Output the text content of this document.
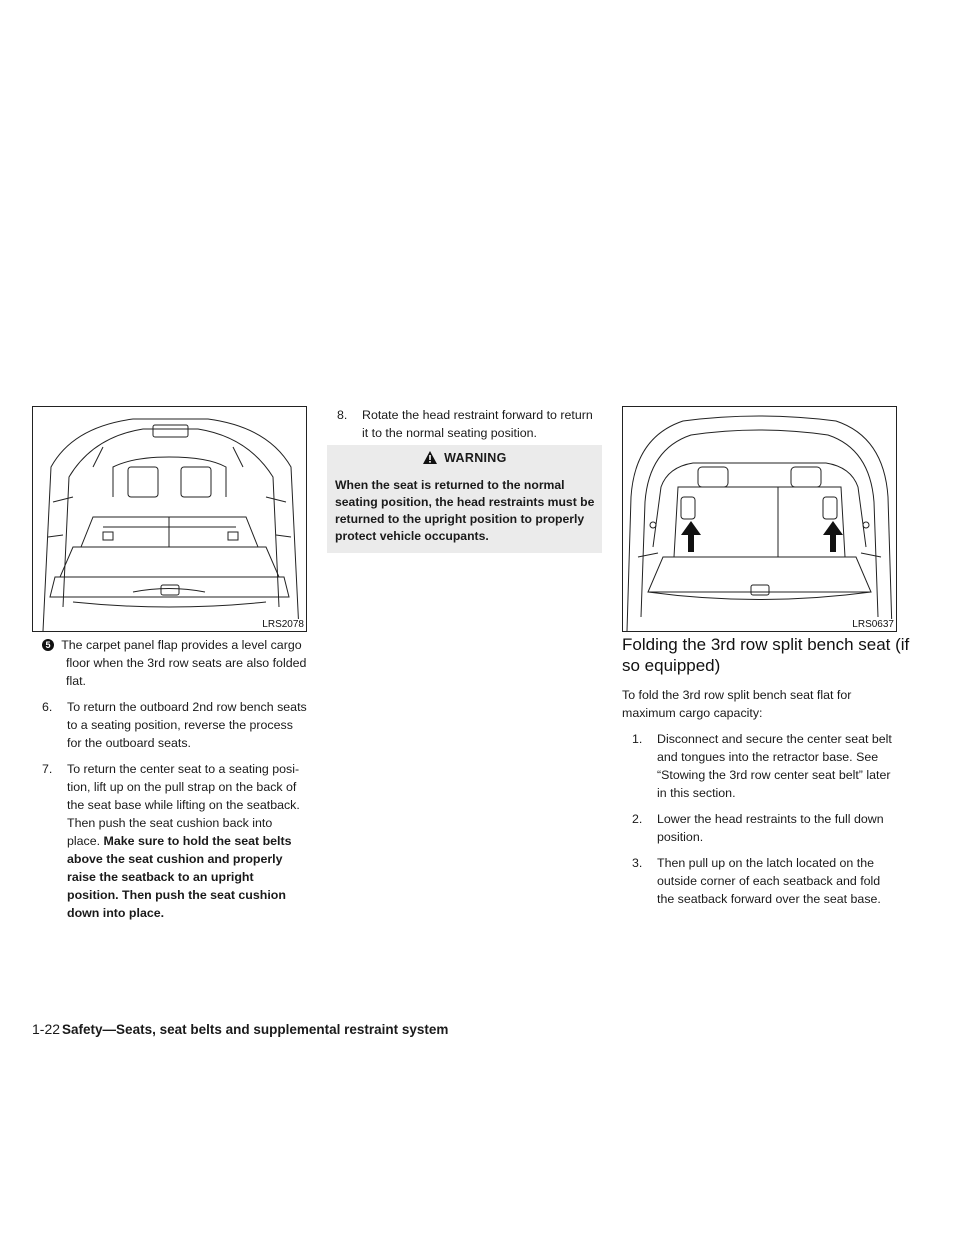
LRS2078
5 The carpet panel flap provides a level cargo floor when the 3rd row seats are also folded flat.
6. To return the outboard 2nd row bench seats to a seating position, reverse the process for the outboard seats.
7. To return the center seat to a seating posi- tion, lift up on the pull strap on the back of the seat base while lifting on the seatback. Then push the seat cushion back into place. Make sure to hold the seat belts above the seat cushion and properly raise the seatback to an upright position. Then push the seat cushion down into place.
8. Rotate the head restraint forward to return it to the normal seating position.
WARNING
When the seat is returned to the normal seating position, the head restraints must be returned to the upright position to properly protect vehicle occupants.
LRS0637
Folding the 3rd row split bench seat (if so equipped)

To fold the 3rd row split bench seat flat for maximum cargo capacity:

1. Disconnect and secure the center seat belt and tongues into the retractor base. See “Stowing the 3rd row center seat belt” later in this section.
2. Lower the head restraints to the full down position.
3. Then pull up on the latch located on the outside corner of each seatback and fold the seatback forward over the seat base.
1-22 Safety—Seats, seat belts and supplemental restraint system
